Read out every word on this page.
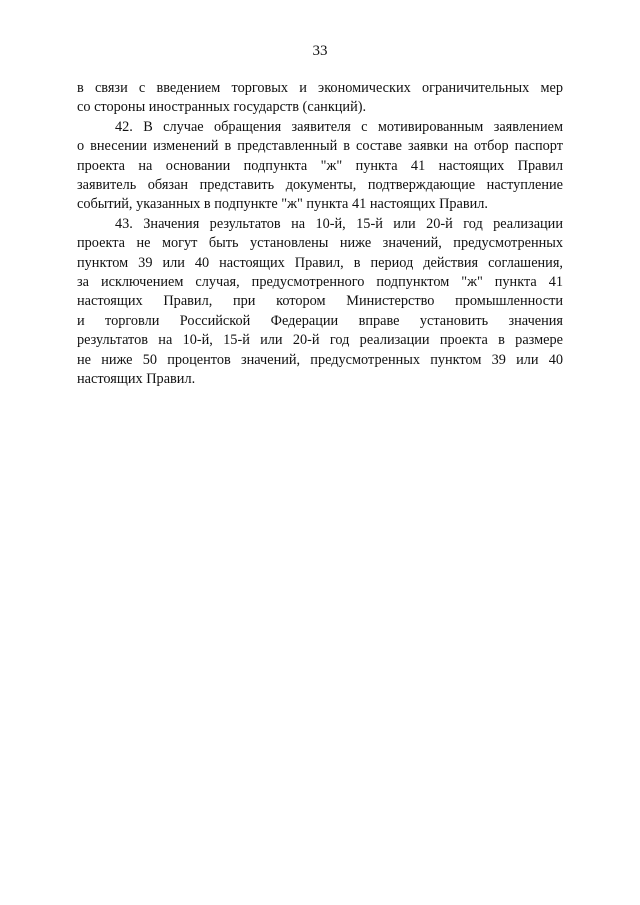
33

в связи с введением торговых и экономических ограничительных мер
со стороны иностранных государств (санкций).

42. В случае обращения заявителя с мотивированным заявлением
о внесении изменений в представленный в составе заявки на отбор паспорт
проекта на основании подпункта "ж" пункта 41 настоящих Правил
заявитель обязан представить документы, подтверждающие наступление
событий, указанных в подпункте "ж" пункта 41 настоящих Правил.

43. Значения результатов на 10-й, 15-й или 20-й год реализации
проекта не могут быть установлены ниже значений, предусмотренных
пунктом 39 или 40 настоящих Правил, в период действия соглашения,
за исключением случая, предусмотренного подпунктом "ж" пункта 41
настоящих Правил, при котором Министерство промышленности
и торговли Российской Федерации вправе установить значения
результатов на 10-й, 15-й или 20-й год реализации проекта в размере
не ниже 50 процентов значений, предусмотренных пунктом 39 или 40
настоящих Правил.
